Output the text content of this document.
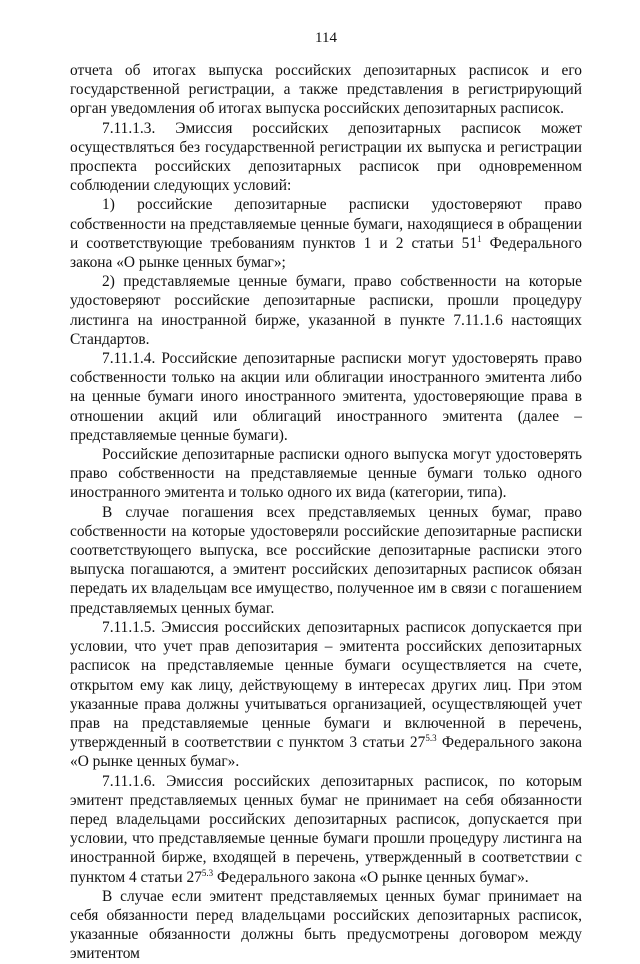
114

отчета об итогах выпуска российских депозитарных расписок и его государственной регистрации, а также представления в регистрирующий орган уведомления об итогах выпуска российских депозитарных расписок.

7.11.1.3. Эмиссия российских депозитарных расписок может осуществляться без государственной регистрации их выпуска и регистрации проспекта российских депозитарных расписок при одновременном соблюдении следующих условий:

1) российские депозитарные расписки удостоверяют право собственности на представляемые ценные бумаги, находящиеся в обращении и соответствующие требованиям пунктов 1 и 2 статьи $51^1$ Федерального закона «О рынке ценных бумаг»;

2) представляемые ценные бумаги, право собственности на которые удостоверяют российские депозитарные расписки, прошли процедуру листинга на иностранной бирже, указанной в пункте 7.11.1.6 настоящих Стандартов.

7.11.1.4. Российские депозитарные расписки могут удостоверять право собственности только на акции или облигации иностранного эмитента либо на ценные бумаги иного иностранного эмитента, удостоверяющие права в отношении акций или облигаций иностранного эмитента (далее – представляемые ценные бумаги).

Российские депозитарные расписки одного выпуска могут удостоверять право собственности на представляемые ценные бумаги только одного иностранного эмитента и только одного их вида (категории, типа).

В случае погашения всех представляемых ценных бумаг, право собственности на которые удостоверяли российские депозитарные расписки соответствующего выпуска, все российские депозитарные расписки этого выпуска погашаются, а эмитент российских депозитарных расписок обязан передать их владельцам все имущество, полученное им в связи с погашением представляемых ценных бумаг.

7.11.1.5. Эмиссия российских депозитарных расписок допускается при условии, что учет прав депозитария – эмитента российских депозитарных расписок на представляемые ценные бумаги осуществляется на счете, открытом ему как лицу, действующему в интересах других лиц. При этом указанные права должны учитываться организацией, осуществляющей учет прав на представляемые ценные бумаги и включенной в перечень, утвержденный в соответствии с пунктом 3 статьи $27^{5.3}$ Федерального закона «О рынке ценных бумаг».

7.11.1.6. Эмиссия российских депозитарных расписок, по которым эмитент представляемых ценных бумаг не принимает на себя обязанности перед владельцами российских депозитарных расписок, допускается при условии, что представляемые ценные бумаги прошли процедуру листинга на иностранной бирже, входящей в перечень, утвержденный в соответствии с пунктом 4 статьи $27^{5.3}$ Федерального закона «О рынке ценных бумаг».

В случае если эмитент представляемых ценных бумаг принимает на себя обязанности перед владельцами российских депозитарных расписок, указанные обязанности должны быть предусмотрены договором между эмитентом
